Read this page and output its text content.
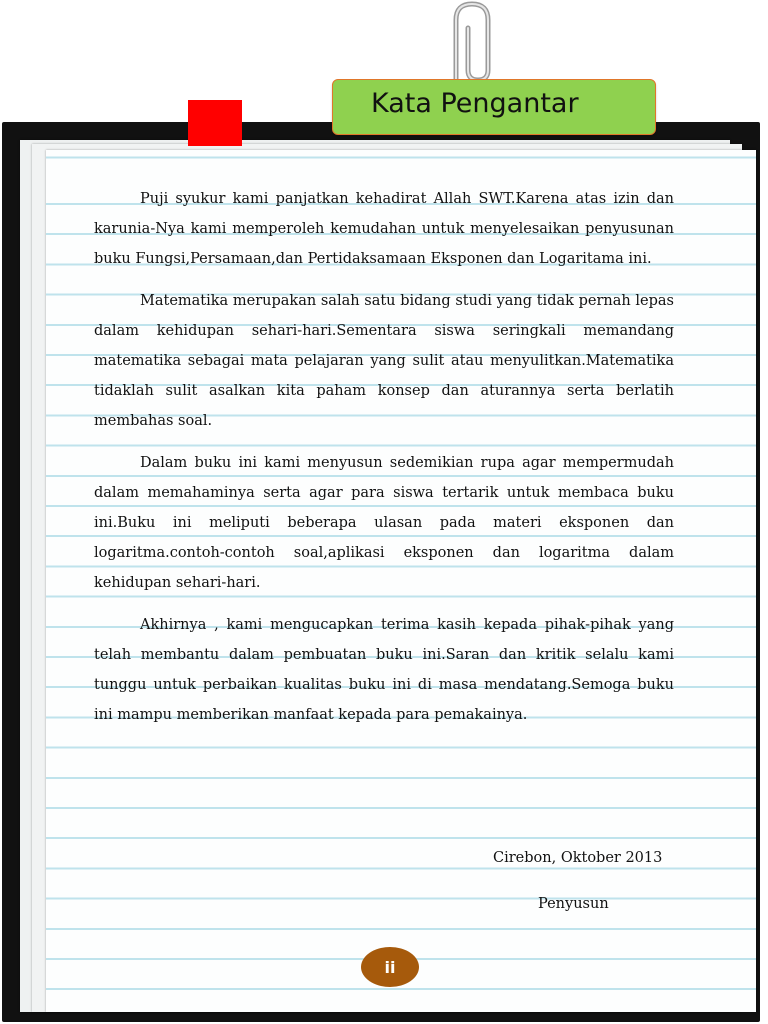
Kata Pengantar

Puji syukur kami panjatkan kehadirat Allah SWT.Karena atas izin dan karunia-Nya kami memperoleh kemudahan untuk menyelesaikan penyusunan buku Fungsi,Persamaan,dan Pertidaksamaan Eksponen dan Logaritama ini.

Matematika merupakan salah satu bidang studi yang tidak pernah lepas dalam kehidupan sehari-hari.Sementara siswa seringkali memandang matematika sebagai mata pelajaran yang sulit atau menyulitkan.Matematika tidaklah sulit asalkan kita paham konsep dan aturannya serta berlatih membahas soal.

Dalam buku ini kami menyusun sedemikian rupa agar mempermudah dalam memahaminya serta agar para siswa tertarik untuk membaca buku ini.Buku ini meliputi beberapa ulasan pada materi eksponen dan logaritma.contoh-contoh soal,aplikasi eksponen dan logaritma dalam kehidupan sehari-hari.

Akhirnya , kami mengucapkan terima kasih kepada pihak-pihak yang telah membantu dalam pembuatan buku ini.Saran dan kritik selalu kami tunggu untuk perbaikan kualitas buku ini di masa mendatang.Semoga buku ini mampu memberikan manfaat kepada para pemakainya.

Cirebon, Oktober 2013
Penyusun
ii
